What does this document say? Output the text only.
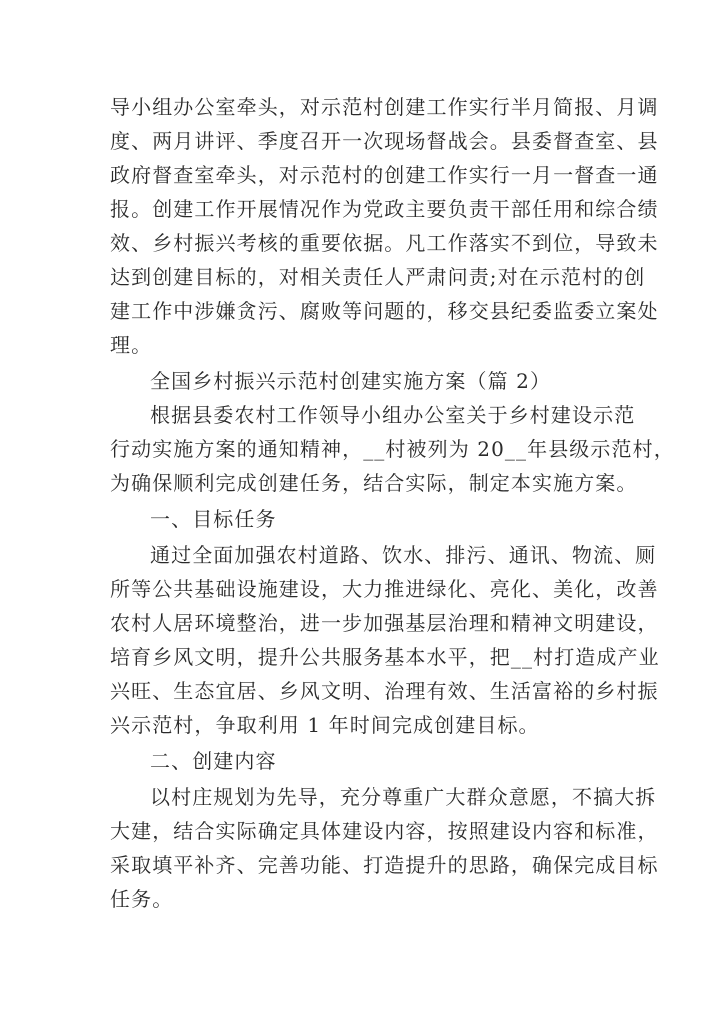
导小组办公室牵头，对示范村创建工作实行半月简报、月调
度、两月讲评、季度召开一次现场督战会。县委督查室、县
政府督查室牵头，对示范村的创建工作实行一月一督查一通
报。创建工作开展情况作为党政主要负责干部任用和综合绩
效、乡村振兴考核的重要依据。凡工作落实不到位，导致未
达到创建目标的，对相关责任人严肃问责;对在示范村的创
建工作中涉嫌贪污、腐败等问题的，移交县纪委监委立案处
理。
全国乡村振兴示范村创建实施方案（篇 2）
根据县委农村工作领导小组办公室关于乡村建设示范
行动实施方案的通知精神，__村被列为 20__年县级示范村，
为确保顺利完成创建任务，结合实际，制定本实施方案。
一、目标任务
通过全面加强农村道路、饮水、排污、通讯、物流、厕
所等公共基础设施建设，大力推进绿化、亮化、美化，改善
农村人居环境整治，进一步加强基层治理和精神文明建设，
培育乡风文明，提升公共服务基本水平，把__村打造成产业
兴旺、生态宜居、乡风文明、治理有效、生活富裕的乡村振
兴示范村，争取利用 1 年时间完成创建目标。
二、创建内容
以村庄规划为先导，充分尊重广大群众意愿，不搞大拆
大建，结合实际确定具体建设内容，按照建设内容和标准，
采取填平补齐、完善功能、打造提升的思路，确保完成目标
任务。
